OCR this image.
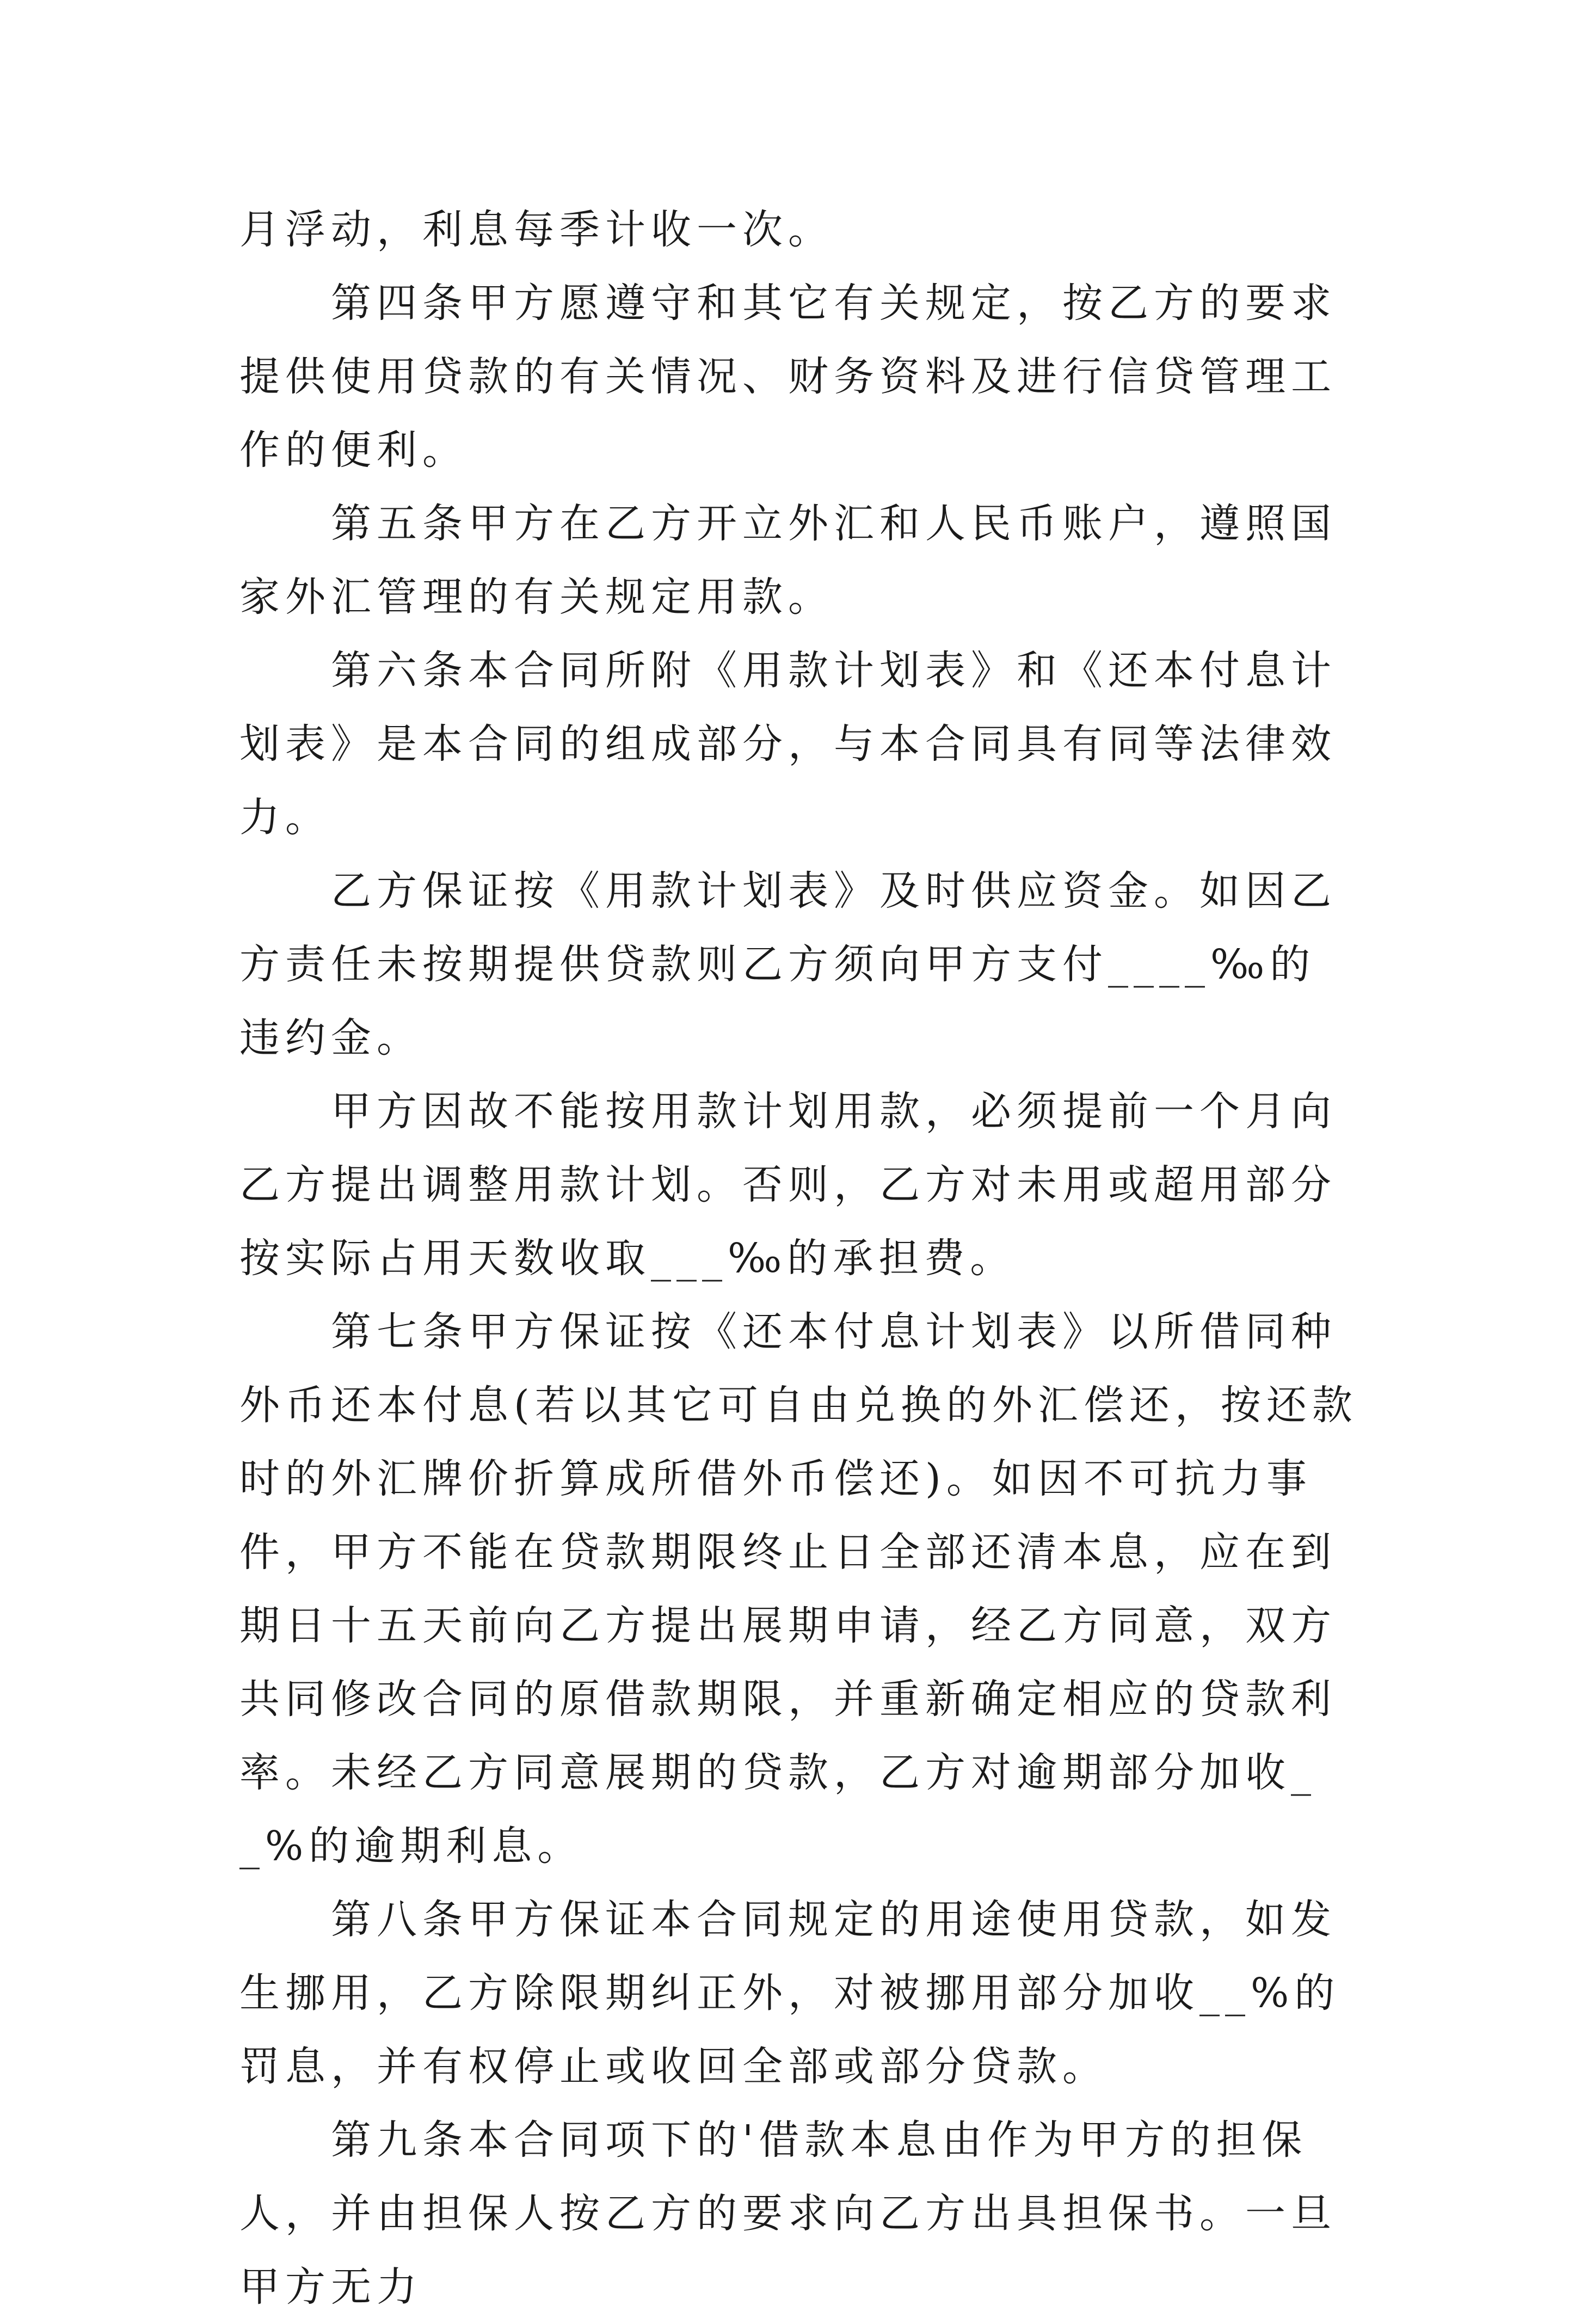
月浮动，利息每季计收一次。

第四条甲方愿遵守和其它有关规定，按乙方的要求提供使用贷款的有关情况、财务资料及进行信贷管理工作的便利。

第五条甲方在乙方开立外汇和人民币账户，遵照国家外汇管理的有关规定用款。

第六条本合同所附《用款计划表》和《还本付息计划表》是本合同的组成部分，与本合同具有同等法律效力。

乙方保证按《用款计划表》及时供应资金。如因乙方责任未按期提供贷款则乙方须向甲方支付____‰的违约金。

甲方因故不能按用款计划用款，必须提前一个月向乙方提出调整用款计划。否则，乙方对未用或超用部分按实际占用天数收取___‰的承担费。

第七条甲方保证按《还本付息计划表》以所借同种外币还本付息(若以其它可自由兑换的外汇偿还，按还款时的外汇牌价折算成所借外币偿还)。如因不可抗力事件，甲方不能在贷款期限终止日全部还清本息，应在到期日十五天前向乙方提出展期申请，经乙方同意，双方共同修改合同的原借款期限，并重新确定相应的贷款利率。未经乙方同意展期的贷款，乙方对逾期部分加收__%的逾期利息。

第八条甲方保证本合同规定的用途使用贷款，如发生挪用，乙方除限期纠正外，对被挪用部分加收__%的罚息，并有权停止或收回全部或部分贷款。

第九条本合同项下的'借款本息由作为甲方的担保人，并由担保人按乙方的要求向乙方出具担保书。一旦甲方无力
